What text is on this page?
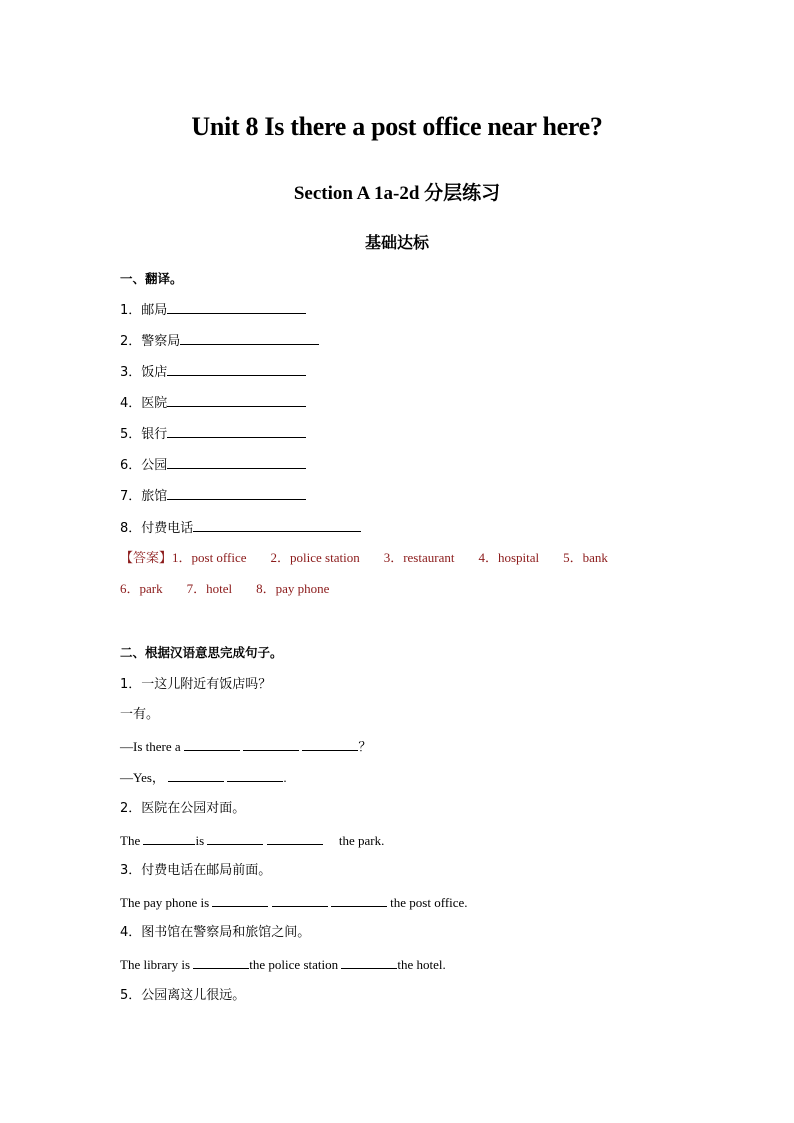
Unit 8 Is there a post office near here?
Section A 1a-2d 分层练习
基础达标
一、翻译。
1．邮局
2．警察局
3．饭店
4．医院
5．银行
6．公园
7．旅馆
8．付费电话
【答案】1．post office 2．police station 3．restaurant 4．hospital 5．bank
6．park 7．hotel 8．pay phone
二、根据汉语意思完成句子。
1．一这儿附近有饭店吗？
一有。
—Is there a	？
—Yes，	.
2．医院在公园对面。
The	is	the park.
3．付费电话在邮局前面。
The pay phone is	the post office.
4．图书馆在警察局和旅馆之间。
The library is	the police station	the hotel.
5．公园离这儿很远。
